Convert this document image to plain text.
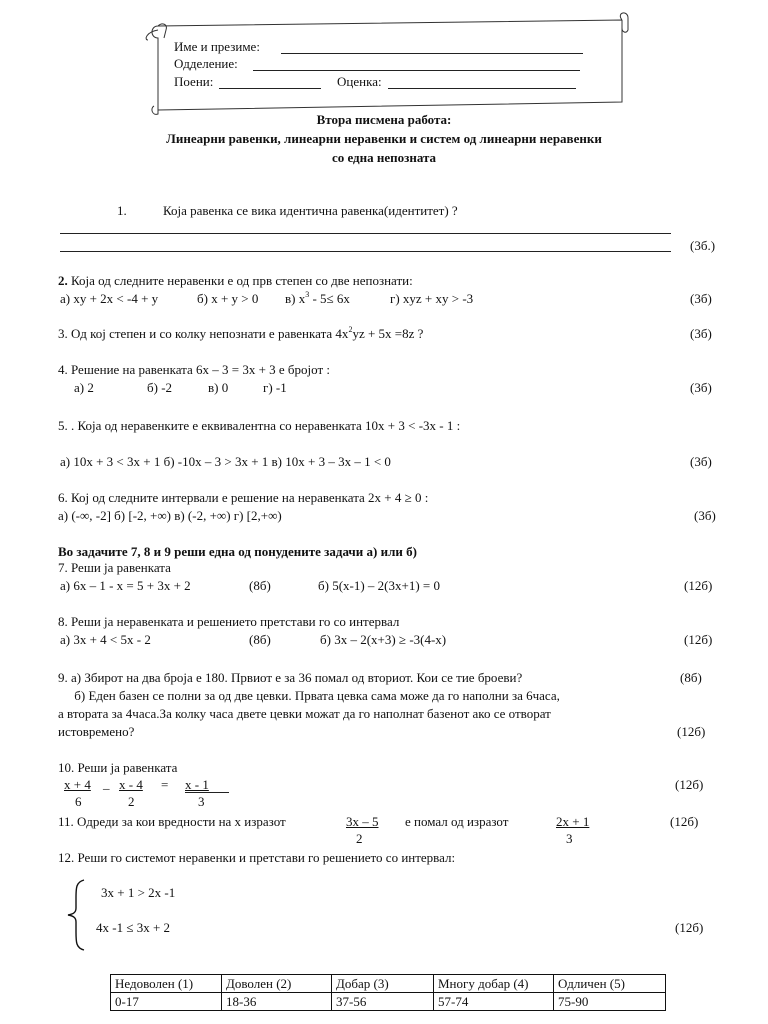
Име и презиме:
Одделение:
Поени:	Оценка:
Втора писмена работа:
Линеарни равенки, линеарни неравенки и систем од линеарни неравенки
со една непозната
1.	Која равенка се вика идентична равенка(идентитет) ?
(3б.)
2. Која од следните неравенки е од прв степен со две непознати:
а) xy + 2x < -4 + y	б) x + y > 0 в) $x^3 - 5\le 6x$	г) xyz + xy > -3	(3б)
3. Од кој степен и со колку непознати е равенката $4x^2yz + 5x =8z$ ?	(3б)
4. Решение на равенката 6x – 3 = 3x + 3 е бројот :
а) 2	б) -2	в) 0	г) -1	(3б)
5. . Која од неравенките е еквивалентна со неравенката 10x + 3 < -3x - 1 :
а) 10x + 3 < 3x + 1 б) -10x – 3 > 3x + 1 в) 10x + 3 – 3x – 1 < 0	(3б)
6. Кој од следните интервали е решение на неравенката 2x + 4 ≥ 0 :
а) (-∞, -2] б) [-2, +∞) в) (-2, +∞) г) [2,+∞)	(3б)
Во задачите 7, 8 и 9 реши една од понудените задачи а) или б)
7. Реши ја равенката
а) 6x – 1 - x = 5 + 3x + 2	(8б)	б) 5(x-1) – 2(3x+1) = 0	(12б)
8. Реши ја неравенката и решението претстави го со интервал
а) 3x + 4 < 5x - 2	(8б)	б) 3x – 2(x+3) ≥ -3(4-x)	(12б)
9. а) Збирот на два броја е 180. Првиот е за 36 помал од вториот. Кои се тие броеви?	(8б)
б) Еден базен се полни за од две цевки. Првата цевка сама може да го наполни за 6часа,
а втората за 4часа.За колку часа двете цевки можат да го наполнат базенот ако се отворат
истовремено?	(12б)
10. Реши ја равенката
x + 4
6
_ x - 4
2
= x - 1
3
(12б)
11. Одреди за кои вредности на x изразот	3x – 5
2
е помал од изразот	2x + 1
3
(12б)
12. Реши го системот неравенки и претстави го решението со интервал:
3x + 1 > 2x -1
4x -1 ≤ 3x + 2	(12б)
Недоволен (1)	Доволен (2)	Добар (3)	Многу добар (4)	Одличен (5)
0-17	18-36	37-56	57-74	75-90
